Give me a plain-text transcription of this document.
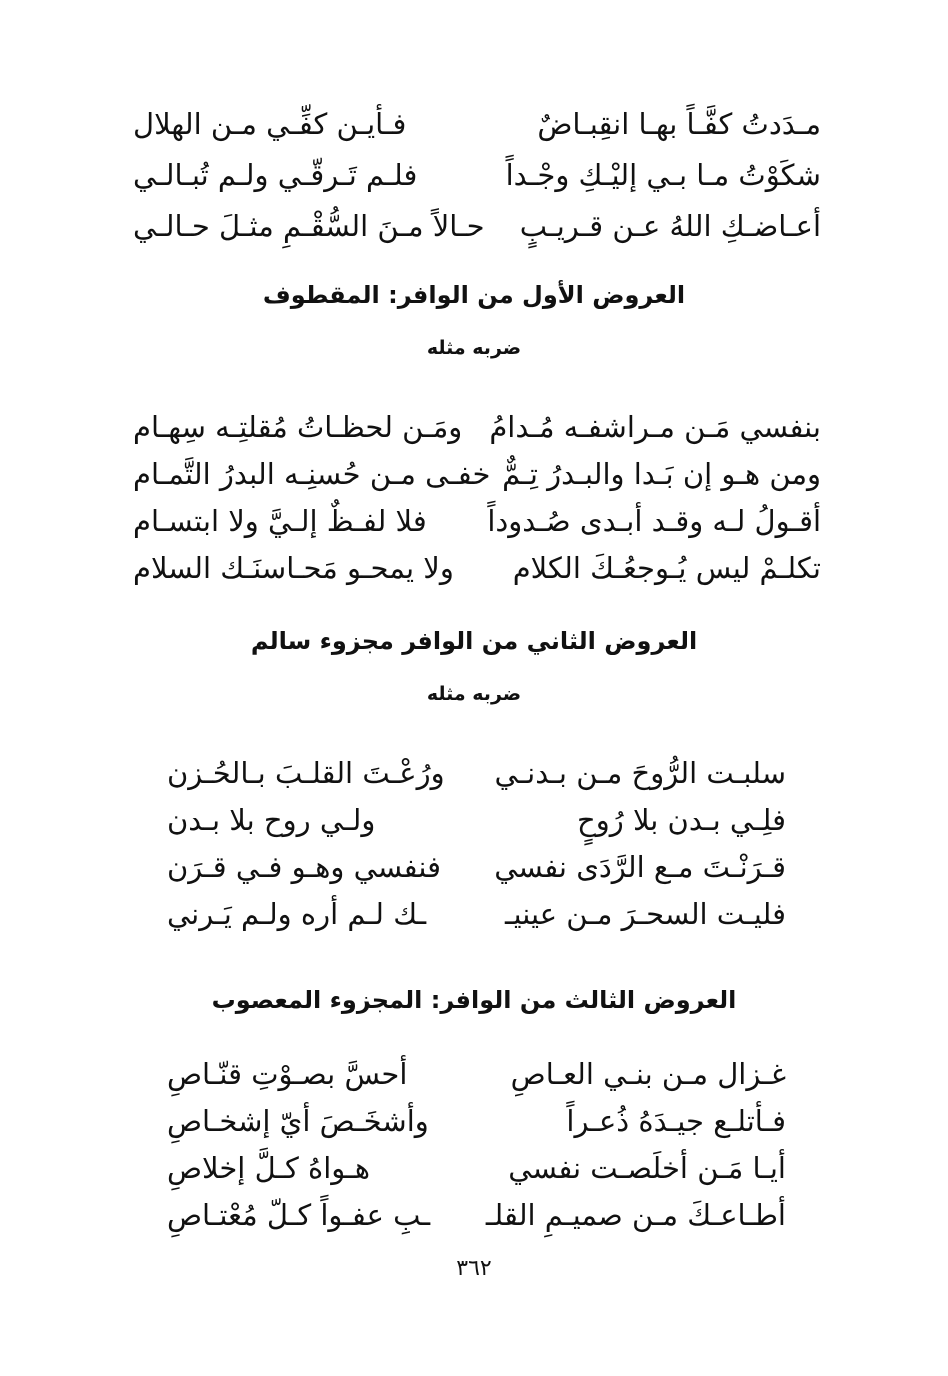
مـدَدتُ كفَّـاً بهـا انقِبـاضٌ
فـأيـن كفِّـي مـن الهلال
شكَوْتُ مـا بـي إليْـكِ وجْـداً
فلـم تَـرقّـي ولـم تُبـالـي
أعـاضـكِ اللهُ عـن قـريـبٍ
حـالاً مـنَ السُّقْـمِ مثـلَ حـالـي
العروض الأول من الوافر: المقطوف
ضربه مثله
بنفسي مَـن مـراشفـه مُـدامُ
ومَـن لحظـاتُ مُقلتِـه سِهـام
ومن هـو إن بَـدا والبـدرُ تِـمٌّ
خفـى مـن حُسنِـه البدرُ التَّمـام
أقـولُ لـه وقـد أبـدى صُـدوداً
فلا لفـظٌ إلـيَّ ولا ابتسـام
تكلـمْ ليس يُـوجعُـكَ الكلام
ولا يمحـو مَحـاسنَـك السلام
العروض الثاني من الوافر مجزوء سالم
ضربه مثله
سلبـت الرُّوحَ مـن بـدنـي
ورُعْـتَ القلـبَ بـالحُـزن
فلِـي بـدن بلا رُوحٍ
ولـي روح بلا بـدن
قـرَنْـتَ مـع الرَّدَى نفسي
فنفسي وهـو فـي قـرَن
فليـت السحـرَ مـن عينيـ
ـك لـم أره ولـم يَـرني
العروض الثالث من الوافر: المجزوء المعصوب
غـزال مـن بنـي العـاصِ
أحسَّ بصـوْتِ قنّـاصِ
فـأتلـع جيـدَهُ ذُعـراً
وأشخَـصَ أيّ إشخـاصِ
أيـا مَـن أخلَصـت نفسي
هـواهُ كـلَّ إخلاصِ
أطـاعـكَ مـن صميـمِ القلـ
ـبِ عفـواً كـلّ مُعْتـاصِ
٣٦٢
